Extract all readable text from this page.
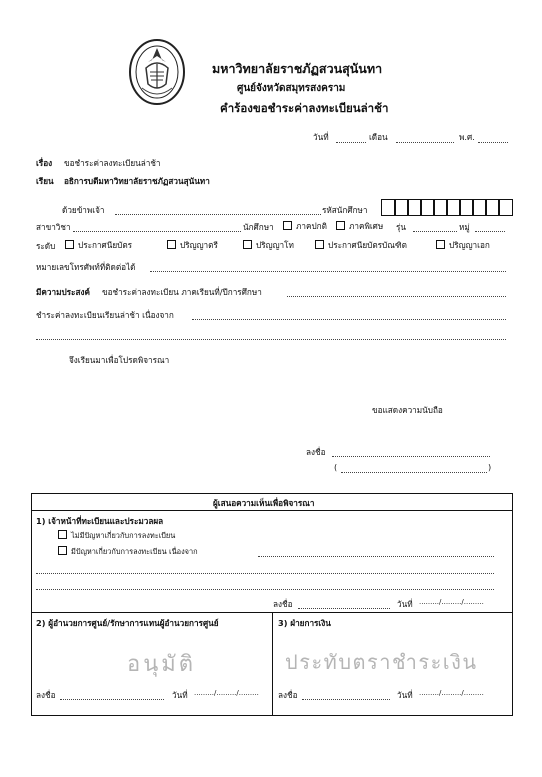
มหาวิทยาลัยราชภัฏสวนสุนันทา
ศูนย์จังหวัดสมุทรสงคราม
คำร้องขอชำระค่าลงทะเบียนล่าช้า
วันที่	เดือน	พ.ศ.
เรื่อง ขอชำระค่าลงทะเบียนล่าช้า
เรียน อธิการบดีมหาวิทยาลัยราชภัฏสวนสุนันทา
ด้วยข้าพเจ้า	รหัสนักศึกษา
สาขาวิชา	นักศึกษา	ภาคปกติ	ภาคพิเศษ รุ่น	หมู่
ระดับ	ประกาศนียบัตร	ปริญญาตรี	ปริญญาโท	ประกาศนียบัตรบัณฑิต	ปริญญาเอก
หมายเลขโทรศัพท์ที่ติดต่อได้
มีความประสงค์ ขอชำระค่าลงทะเบียน ภาคเรียนที่/ปีการศึกษา
ชำระค่าลงทะเบียนเรียนล่าช้า เนื่องจาก
จึงเรียนมาเพื่อโปรดพิจารณา
ขอแสดงความนับถือ
ลงชื่อ
(	)
ผู้เสนอความเห็นเพื่อพิจารณา
1) เจ้าหน้าที่ทะเบียนและประมวลผล
ไม่มีปัญหาเกี่ยวกับการลงทะเบียน
มีปัญหาเกี่ยวกับการลงทะเบียน เนื่องจาก
ลงชื่อ	วันที่ ........./........./.........
2) ผู้อำนวยการศูนย์/รักษาการแทนผู้อำนวยการศูนย์
อนุมัติ
ลงชื่อ	วันที่ ........./........./.........
3) ฝ่ายการเงิน
ประทับตราชำระเงิน
ลงชื่อ	วันที่ ........./........./.........
